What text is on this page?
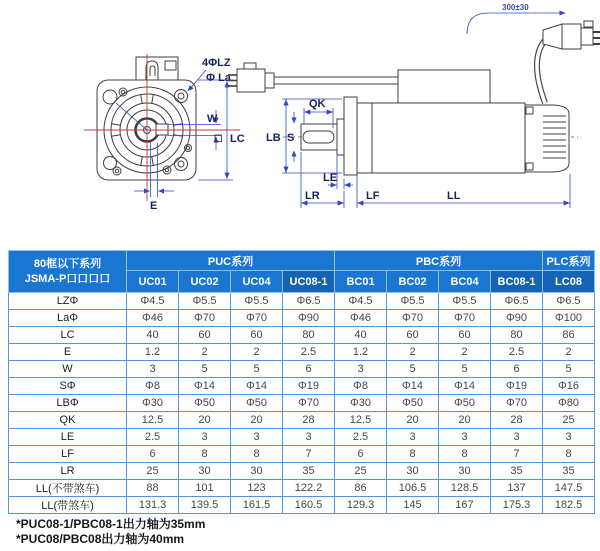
4ΦLZ
Φ La
W
LC
E
QK
S
LB
LE
LR	LF	LL
300±30
80框以下系列
JSMA-P口口口口	PUC系列				PBC系列				PLC系列
	UC01	UC02	UC04	UC08-1	BC01	BC02	BC04	BC08-1	LC08
LZΦ	Φ4.5	Φ5.5	Φ5.5	Φ6.5	Φ4.5	Φ5.5	Φ5.5	Φ6.5	Φ6.5
LaΦ	Φ46	Φ70	Φ70	Φ90	Φ46	Φ70	Φ70	Φ90	Φ100
LC	40	60	60	80	40	60	60	80	86
E	1.2	2	2	2.5	1.2	2	2	2.5	2
W	3	5	5	6	3	5	5	6	5
SΦ	Φ8	Φ14	Φ14	Φ19	Φ8	Φ14	Φ14	Φ19	Φ16
LBΦ	Φ30	Φ50	Φ50	Φ70	Φ30	Φ50	Φ50	Φ70	Φ80
QK	12.5	20	20	28	12.5	20	20	28	25
LE	2.5	3	3	3	2.5	3	3	3	3
LF	6	8	8	7	6	8	8	7	8
LR	25	30	30	35	25	30	30	35	35
LL(不带煞车)	88	101	123	122.2	86	106.5	128.5	137	147.5
LL(带煞车)	131.3	139.5	161.5	160.5	129.3	145	167	175.3	182.5
*PUC08-1/PBC08-1出力轴为35mm
*PUC08/PBC08出力轴为40mm
